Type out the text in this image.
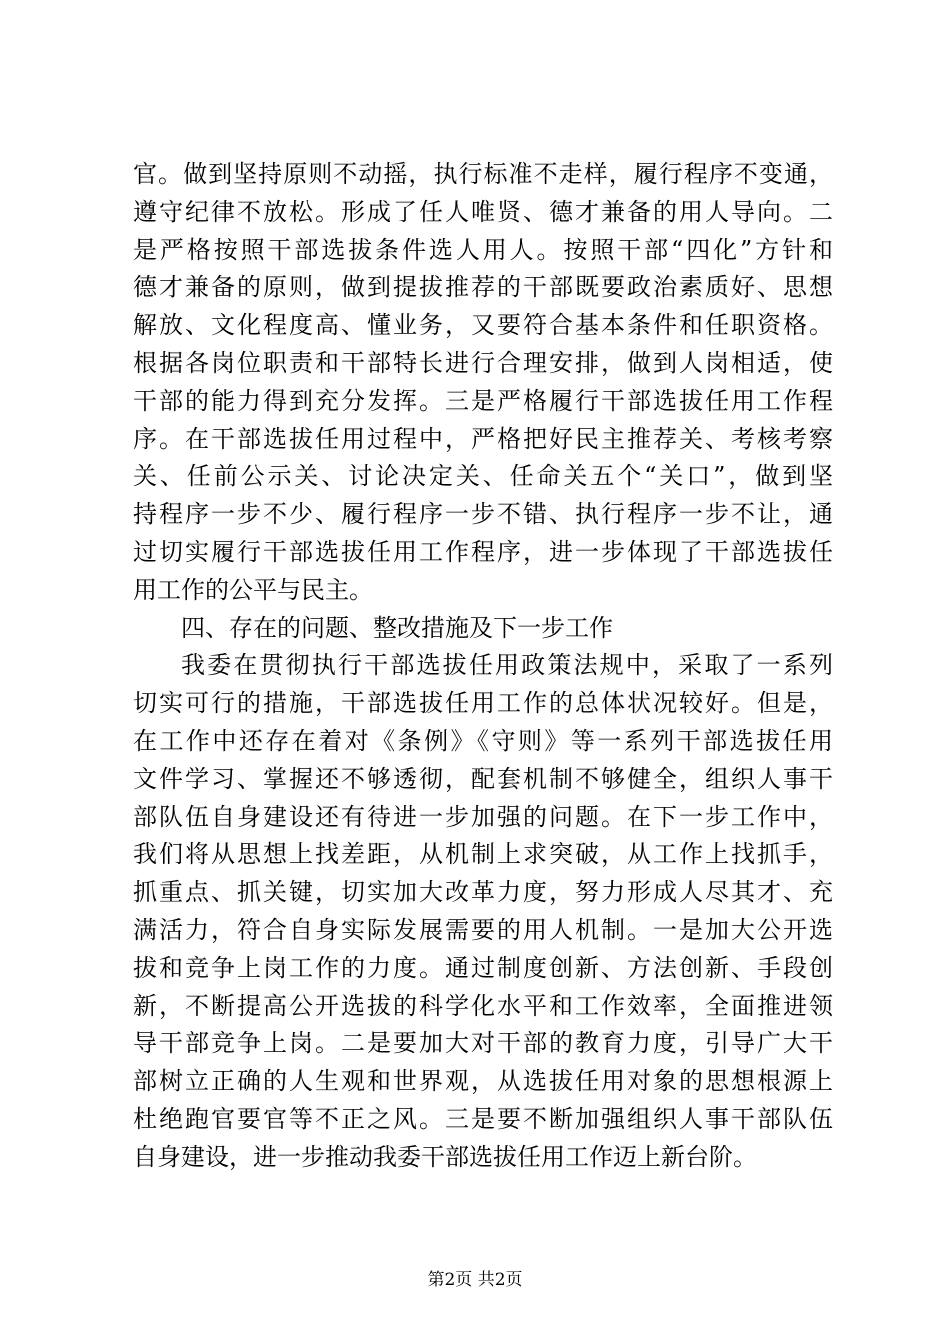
官。做到坚持原则不动摇，执行标准不走样，履行程序不变通，
遵守纪律不放松。形成了任人唯贤、德才兼备的用人导向。二
是严格按照干部选拔条件选人用人。按照干部“四化”方针和
德才兼备的原则，做到提拔推荐的干部既要政治素质好、思想
解放、文化程度高、懂业务，又要符合基本条件和任职资格。
根据各岗位职责和干部特长进行合理安排，做到人岗相适，使
干部的能力得到充分发挥。三是严格履行干部选拔任用工作程
序。在干部选拔任用过程中，严格把好民主推荐关、考核考察
关、任前公示关、讨论决定关、任命关五个“关口”，做到坚
持程序一步不少、履行程序一步不错、执行程序一步不让，通
过切实履行干部选拔任用工作程序，进一步体现了干部选拔任
用工作的公平与民主。
四、存在的问题、整改措施及下一步工作
我委在贯彻执行干部选拔任用政策法规中，采取了一系列
切实可行的措施，干部选拔任用工作的总体状况较好。但是，
在工作中还存在着对《条例》《守则》等一系列干部选拔任用
文件学习、掌握还不够透彻，配套机制不够健全，组织人事干
部队伍自身建设还有待进一步加强的问题。在下一步工作中，
我们将从思想上找差距，从机制上求突破，从工作上找抓手，
抓重点、抓关键，切实加大改革力度，努力形成人尽其才、充
满活力，符合自身实际发展需要的用人机制。一是加大公开选
拔和竞争上岗工作的力度。通过制度创新、方法创新、手段创
新，不断提高公开选拔的科学化水平和工作效率，全面推进领
导干部竞争上岗。二是要加大对干部的教育力度，引导广大干
部树立正确的人生观和世界观，从选拔任用对象的思想根源上
杜绝跑官要官等不正之风。三是要不断加强组织人事干部队伍
自身建设，进一步推动我委干部选拔任用工作迈上新台阶。
第2页 共2页
